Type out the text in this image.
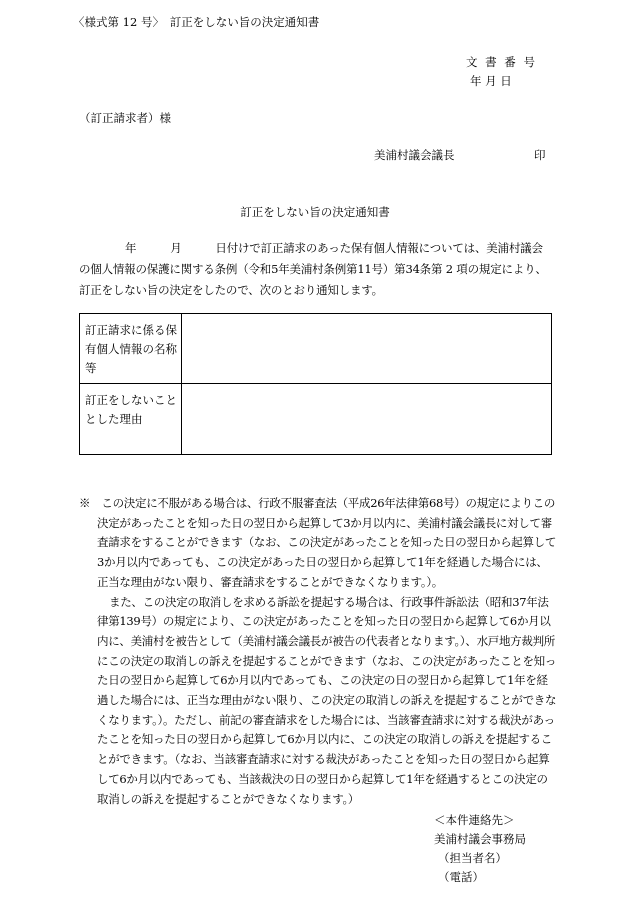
〈様式第 12 号〉　訂正をしない旨の決定通知書
文 書 番 号
年 月 日
（訂正請求者）様
美浦村議会議長	印
訂正をしない旨の決定通知書
年　　　月　　　日付けで訂正請求のあった保有個人情報については、美浦村議会
の個人情報の保護に関する条例（令和5年美浦村条例第11号）第34条第 2 項の規定により、
訂正をしない旨の決定をしたので、次のとおり通知します。
訂正請求に係る保有個人情報の名称等	
訂正をしないこととした理由	

※　この決定に不服がある場合は、行政不服審査法（平成26年法律第68号）の規定によりこの決定があったことを知った日の翌日から起算して3か月以内に、美浦村議会議長に対して審査請求をすることができます（なお、この決定があったことを知った日の翌日から起算して3か月以内であっても、この決定があった日の翌日から起算して1年を経過した場合には、正当な理由がない限り、審査請求をすることができなくなります。）。

また、この決定の取消しを求める訴訟を提起する場合は、行政事件訴訟法（昭和37年法律第139号）の規定により、この決定があったことを知った日の翌日から起算して6か月以内に、美浦村を被告として（美浦村議会議長が被告の代表者となります。）、水戸地方裁判所にこの決定の取消しの訴えを提起することができます（なお、この決定があったことを知った日の翌日から起算して6か月以内であっても、この決定の日の翌日から起算して1年を経過した場合には、正当な理由がない限り、この決定の取消しの訴えを提起することができなくなります。）。ただし、前記の審査請求をした場合には、当該審査請求に対する裁決があったことを知った日の翌日から起算して6か月以内に、この決定の取消しの訴えを提起することができます。（なお、当該審査請求に対する裁決があったことを知った日の翌日から起算して6か月以内であっても、当該裁決の日の翌日から起算して1年を経過するとこの決定の取消しの訴えを提起することができなくなります。）

＜本件連絡先＞
美浦村議会事務局
（担当者名）
（電話）
